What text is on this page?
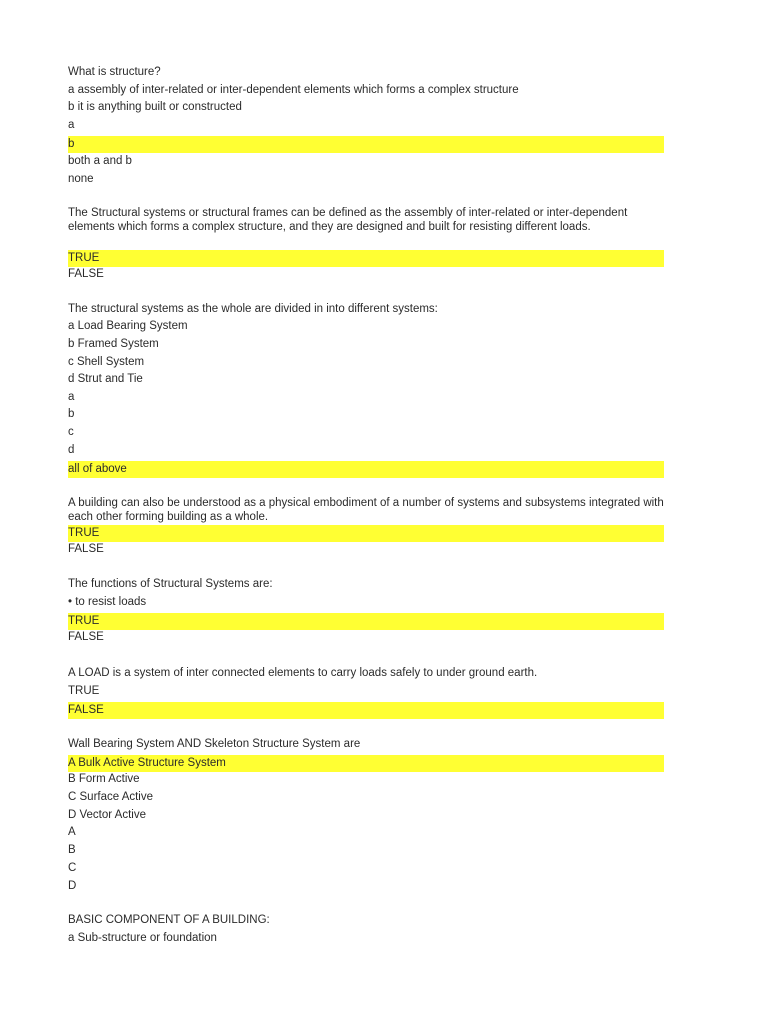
What is structure?
a assembly of inter-related or inter-dependent elements which forms a complex structure
b it is anything built or constructed
a
b
both a and b
none
The Structural systems or structural frames can be defined as the assembly of inter-related or inter-dependent elements which forms a complex structure, and they are designed and built for resisting different loads.
TRUE
FALSE
The structural systems as the whole are divided in into different systems:
a Load Bearing System
b Framed System
c Shell System
d Strut and Tie
a
b
c
d
all of above
A building can also be understood as a physical embodiment of a number of systems and subsystems integrated with each other forming building as a whole.
TRUE
FALSE
The functions of Structural Systems are:
• to resist loads
TRUE
FALSE
A LOAD is a system of inter connected elements to carry loads safely to under ground earth.
TRUE
FALSE
Wall Bearing System AND Skeleton Structure System are
A Bulk Active Structure System
B Form Active
C Surface Active
D Vector Active
A
B
C
D
BASIC COMPONENT OF A BUILDING:
a Sub-structure or foundation
